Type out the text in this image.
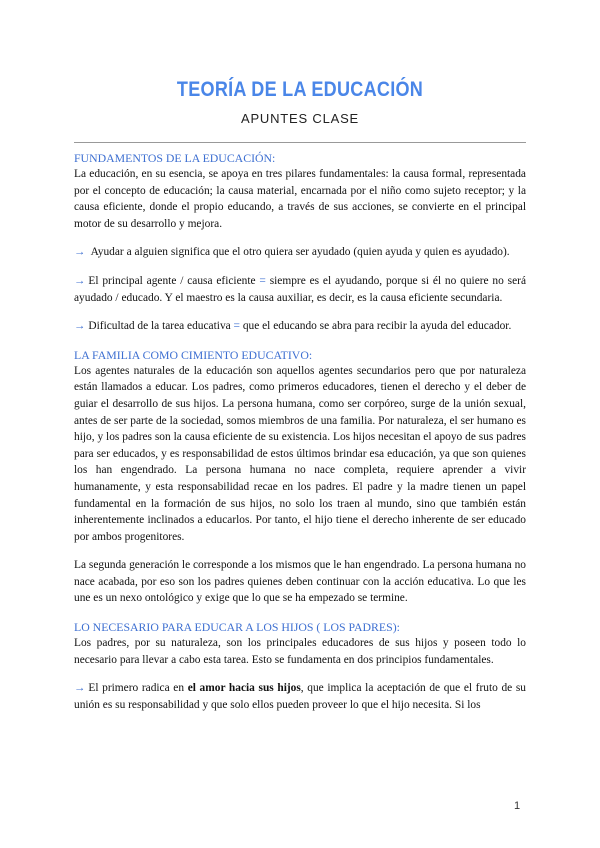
TEORÍA DE LA EDUCACIÓN
APUNTES CLASE

FUNDAMENTOS DE LA EDUCACIÓN:

La educación, en su esencia, se apoya en tres pilares fundamentales: la causa formal, representada por el concepto de educación; la causa material, encarnada por el niño como sujeto receptor; y la causa eficiente, donde el propio educando, a través de sus acciones, se convierte en el principal motor de su desarrollo y mejora.

→ Ayudar a alguien significa que el otro quiera ser ayudado (quien ayuda y quien es ayudado).

→ El principal agente / causa eficiente = siempre es el ayudando, porque si él no quiere no será ayudado / educado. Y el maestro es la causa auxiliar, es decir, es la causa eficiente secundaria.

→ Dificultad de la tarea educativa = que el educando se abra para recibir la ayuda del educador.

LA FAMILIA COMO CIMIENTO EDUCATIVO:

Los agentes naturales de la educación son aquellos agentes secundarios pero que por naturaleza están llamados a educar. Los padres, como primeros educadores, tienen el derecho y el deber de guiar el desarrollo de sus hijos. La persona humana, como ser corpóreo, surge de la unión sexual, antes de ser parte de la sociedad, somos miembros de una familia. Por naturaleza, el ser humano es hijo, y los padres son la causa eficiente de su existencia. Los hijos necesitan el apoyo de sus padres para ser educados, y es responsabilidad de estos últimos brindar esa educación, ya que son quienes los han engendrado. La persona humana no nace completa, requiere aprender a vivir humanamente, y esta responsabilidad recae en los padres. El padre y la madre tienen un papel fundamental en la formación de sus hijos, no solo los traen al mundo, sino que también están inherentemente inclinados a educarlos. Por tanto, el hijo tiene el derecho inherente de ser educado por ambos progenitores.

La segunda generación le corresponde a los mismos que le han engendrado. La persona humana no nace acabada, por eso son los padres quienes deben continuar con la acción educativa. Lo que les une es un nexo ontológico y exige que lo que se ha empezado se termine.

LO NECESARIO PARA EDUCAR A LOS HIJOS ( LOS PADRES):

Los padres, por su naturaleza, son los principales educadores de sus hijos y poseen todo lo necesario para llevar a cabo esta tarea. Esto se fundamenta en dos principios fundamentales.

→ El primero radica en el amor hacia sus hijos, que implica la aceptación de que el fruto de su unión es su responsabilidad y que solo ellos pueden proveer lo que el hijo necesita. Si los

1
